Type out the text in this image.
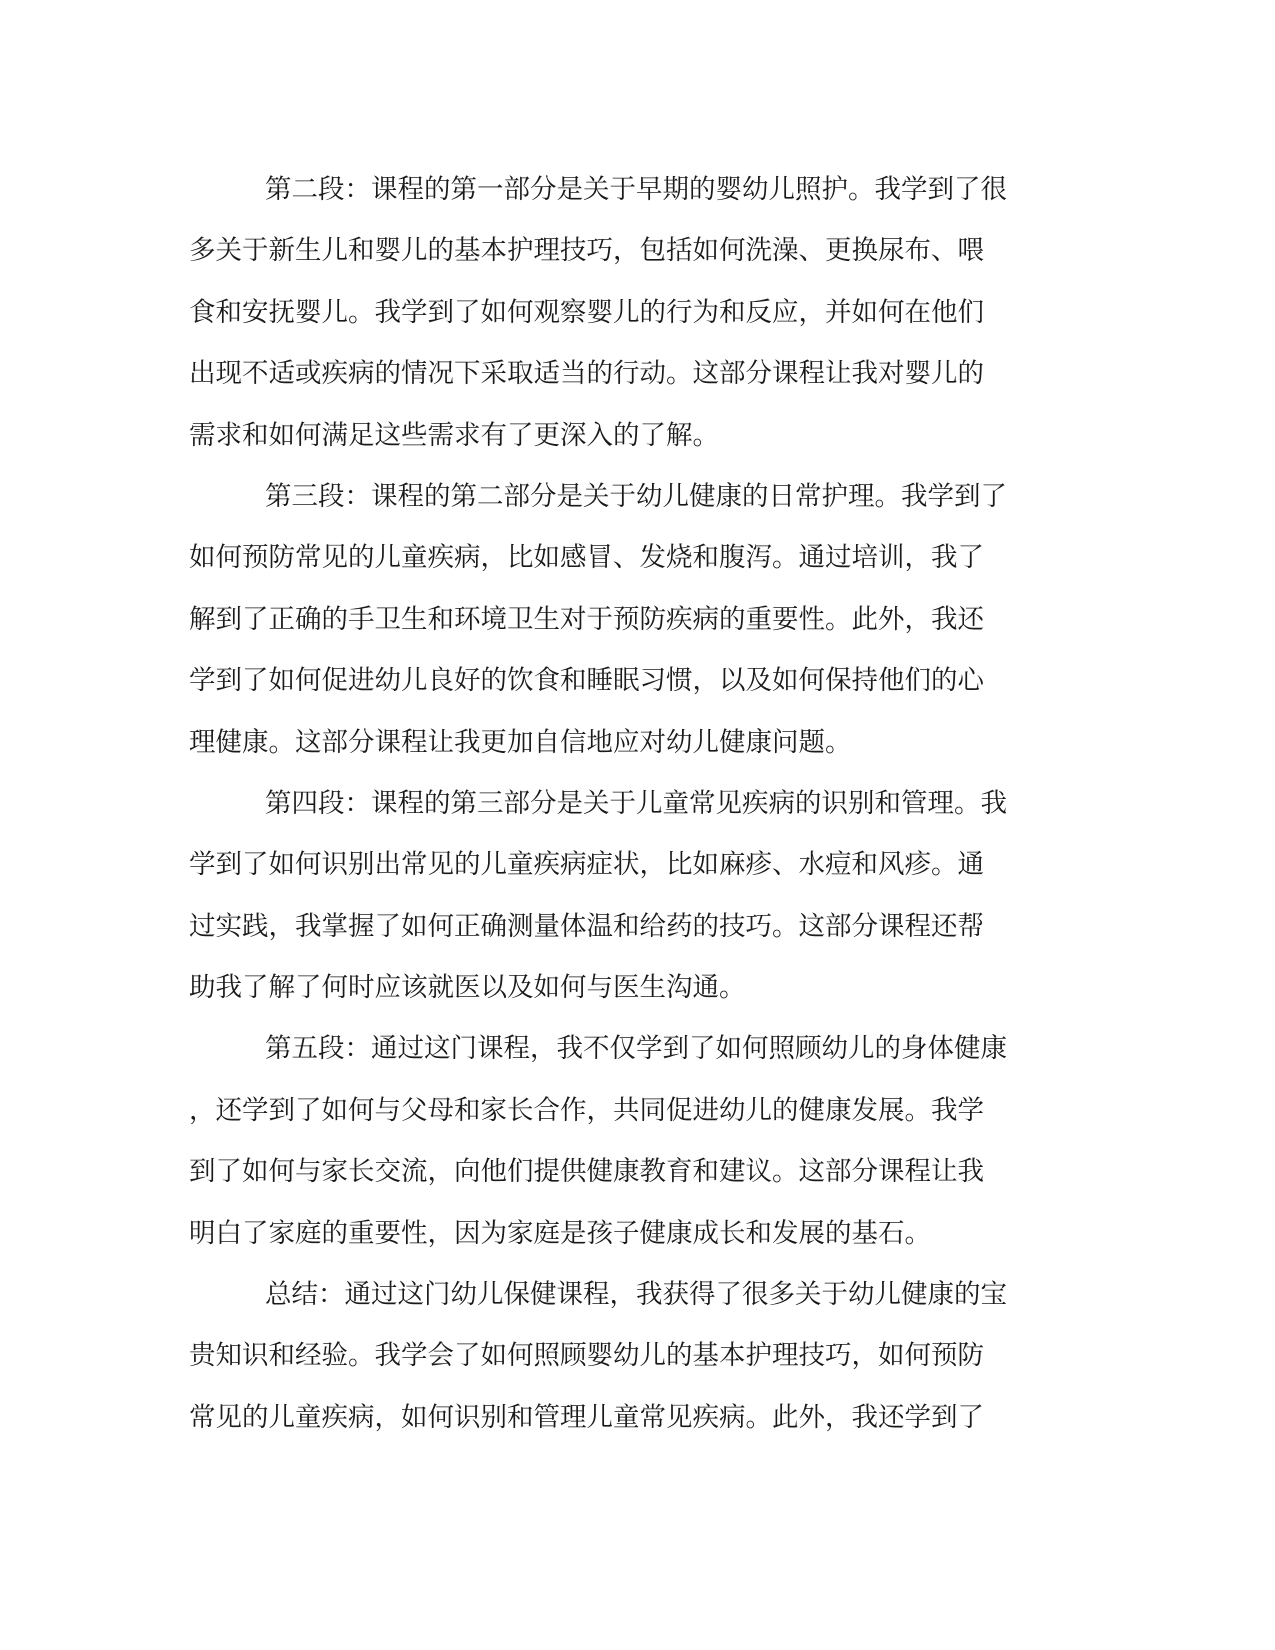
第二段：课程的第一部分是关于早期的婴幼儿照护。我学到了很
多关于新生儿和婴儿的基本护理技巧，包括如何洗澡、更换尿布、喂
食和安抚婴儿。我学到了如何观察婴儿的行为和反应，并如何在他们
出现不适或疾病的情况下采取适当的行动。这部分课程让我对婴儿的
需求和如何满足这些需求有了更深入的了解。
第三段：课程的第二部分是关于幼儿健康的日常护理。我学到了
如何预防常见的儿童疾病，比如感冒、发烧和腹泻。通过培训，我了
解到了正确的手卫生和环境卫生对于预防疾病的重要性。此外，我还
学到了如何促进幼儿良好的饮食和睡眠习惯，以及如何保持他们的心
理健康。这部分课程让我更加自信地应对幼儿健康问题。
第四段：课程的第三部分是关于儿童常见疾病的识别和管理。我
学到了如何识别出常见的儿童疾病症状，比如麻疹、水痘和风疹。通
过实践，我掌握了如何正确测量体温和给药的技巧。这部分课程还帮
助我了解了何时应该就医以及如何与医生沟通。
第五段：通过这门课程，我不仅学到了如何照顾幼儿的身体健康
，还学到了如何与父母和家长合作，共同促进幼儿的健康发展。我学
到了如何与家长交流，向他们提供健康教育和建议。这部分课程让我
明白了家庭的重要性，因为家庭是孩子健康成长和发展的基石。
总结：通过这门幼儿保健课程，我获得了很多关于幼儿健康的宝
贵知识和经验。我学会了如何照顾婴幼儿的基本护理技巧，如何预防
常见的儿童疾病，如何识别和管理儿童常见疾病。此外，我还学到了
